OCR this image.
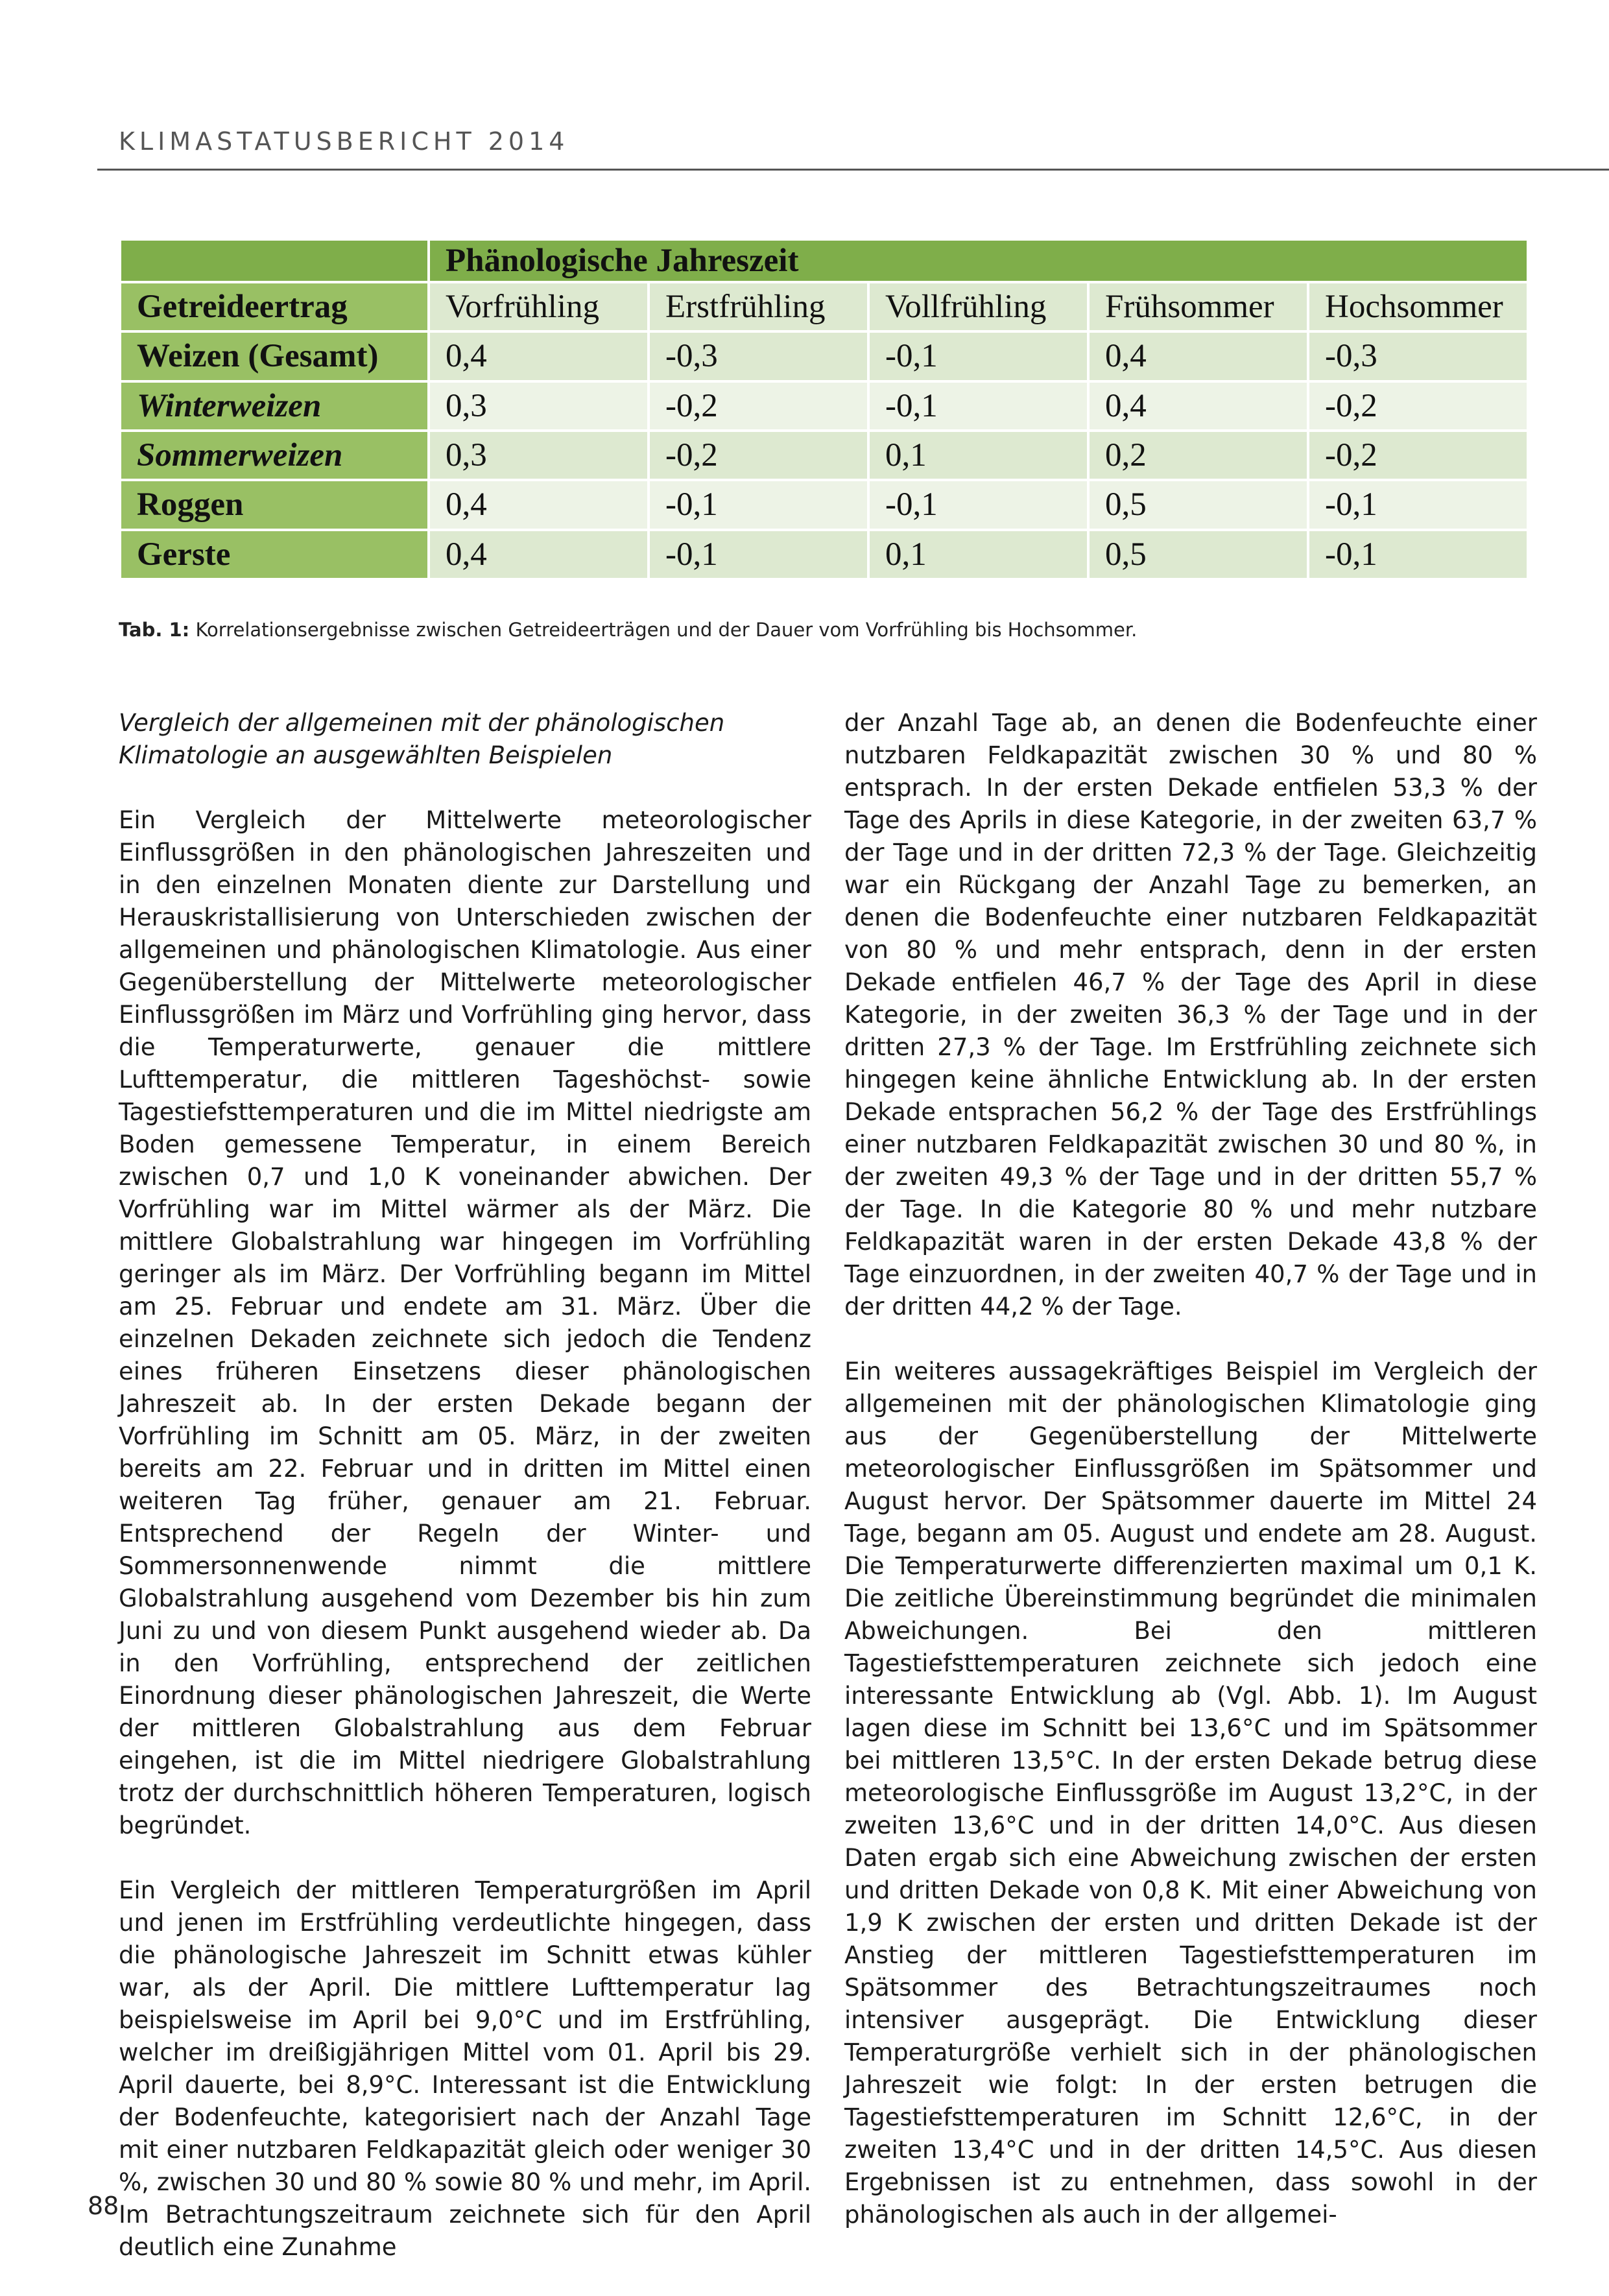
KLIMASTATUSBERICHT 2014
	Phänologische Jahreszeit				
Getreideertrag	Vorfrühling	Erstfrühling	Vollfrühling	Frühsommer	Hochsommer
Weizen (Gesamt)	0,4	-0,3	-0,1	0,4	-0,3
Winterweizen	0,3	-0,2	-0,1	0,4	-0,2
Sommerweizen	0,3	-0,2	0,1	0,2	-0,2
Roggen	0,4	-0,1	-0,1	0,5	-0,1
Gerste	0,4	-0,1	0,1	0,5	-0,1
Tab. 1: Korrelationsergebnisse zwischen Getreideerträgen und der Dauer vom Vorfrühling bis Hochsommer.

Vergleich der allgemeinen mit der phänologischen Klimatologie an ausgewählten Beispielen

Ein Vergleich der Mittelwerte meteorologischer Einflussgrößen in den phänologischen Jahreszeiten und in den einzelnen Monaten diente zur Darstellung und Herauskristallisierung von Unterschieden zwischen der allgemeinen und phänologischen Klimatologie. Aus einer Gegenüberstellung der Mittelwerte meteorologischer Einflussgrößen im März und Vorfrühling ging hervor, dass die Temperaturwerte, genauer die mittlere Lufttemperatur, die mittleren Tageshöchst- sowie Tagestiefsttemperaturen und die im Mittel niedrigste am Boden gemessene Temperatur, in einem Bereich zwischen 0,7 und 1,0 K voneinander abwichen. Der Vorfrühling war im Mittel wärmer als der März. Die mittlere Globalstrahlung war hingegen im Vorfrühling geringer als im März. Der Vorfrühling begann im Mittel am 25. Februar und endete am 31. März. Über die einzelnen Dekaden zeichnete sich jedoch die Tendenz eines früheren Einsetzens dieser phänologischen Jahreszeit ab. In der ersten Dekade begann der Vorfrühling im Schnitt am 05. März, in der zweiten bereits am 22. Februar und in dritten im Mittel einen weiteren Tag früher, genauer am 21. Februar. Entsprechend der Regeln der Winter- und Sommersonnenwende nimmt die mittlere Globalstrahlung ausgehend vom Dezember bis hin zum Juni zu und von diesem Punkt ausgehend wieder ab. Da in den Vorfrühling, entsprechend der zeitlichen Einordnung dieser phänologischen Jahreszeit, die Werte der mittleren Globalstrahlung aus dem Februar eingehen, ist die im Mittel niedrigere Globalstrahlung trotz der durchschnittlich höheren Temperaturen, logisch begründet.

Ein Vergleich der mittleren Temperaturgrößen im April und jenen im Erstfrühling verdeutlichte hingegen, dass die phänologische Jahreszeit im Schnitt etwas kühler war, als der April. Die mittlere Lufttemperatur lag beispielsweise im April bei 9,0°C und im Erstfrühling, welcher im dreißigjährigen Mittel vom 01. April bis 29. April dauerte, bei 8,9°C. Interessant ist die Entwicklung der Bodenfeuchte, kategorisiert nach der Anzahl Tage mit einer nutzbaren Feldkapazität gleich oder weniger 30 %, zwischen 30 und 80 % sowie 80 % und mehr, im April. Im Betrachtungszeitraum zeichnete sich für den April deutlich eine Zunahme

der Anzahl Tage ab, an denen die Bodenfeuchte einer nutzbaren Feldkapazität zwischen 30 % und 80 % entsprach. In der ersten Dekade entfielen 53,3 % der Tage des Aprils in diese Kategorie, in der zweiten 63,7 % der Tage und in der dritten 72,3 % der Tage. Gleichzeitig war ein Rückgang der Anzahl Tage zu bemerken, an denen die Bodenfeuchte einer nutzbaren Feldkapazität von 80 % und mehr entsprach, denn in der ersten Dekade entfielen 46,7 % der Tage des April in diese Kategorie, in der zweiten 36,3 % der Tage und in der dritten 27,3 % der Tage. Im Erstfrühling zeichnete sich hingegen keine ähnliche Entwicklung ab. In der ersten Dekade entsprachen 56,2 % der Tage des Erstfrühlings einer nutzbaren Feldkapazität zwischen 30 und 80 %, in der zweiten 49,3 % der Tage und in der dritten 55,7 % der Tage. In die Kategorie 80 % und mehr nutzbare Feldkapazität waren in der ersten Dekade 43,8 % der Tage einzuordnen, in der zweiten 40,7 % der Tage und in der dritten 44,2 % der Tage.

Ein weiteres aussagekräftiges Beispiel im Vergleich der allgemeinen mit der phänologischen Klimatologie ging aus der Gegenüberstellung der Mittelwerte meteorologischer Einflussgrößen im Spätsommer und August hervor. Der Spätsommer dauerte im Mittel 24 Tage, begann am 05. August und endete am 28. August. Die Temperaturwerte differenzierten maximal um 0,1 K. Die zeitliche Übereinstimmung begründet die minimalen Abweichungen. Bei den mittleren Tagestiefsttemperaturen zeichnete sich jedoch eine interessante Entwicklung ab (Vgl. Abb. 1). Im August lagen diese im Schnitt bei 13,6°C und im Spätsommer bei mittleren 13,5°C. In der ersten Dekade betrug diese meteorologische Einflussgröße im August 13,2°C, in der zweiten 13,6°C und in der dritten 14,0°C. Aus diesen Daten ergab sich eine Abweichung zwischen der ersten und dritten Dekade von 0,8 K. Mit einer Abweichung von 1,9 K zwischen der ersten und dritten Dekade ist der Anstieg der mittleren Tagestiefsttemperaturen im Spätsommer des Betrachtungszeitraumes noch intensiver ausgeprägt. Die Entwicklung dieser Temperaturgröße verhielt sich in der phänologischen Jahreszeit wie folgt: In der ersten betrugen die Tagestiefsttemperaturen im Schnitt 12,6°C, in der zweiten 13,4°C und in der dritten 14,5°C. Aus diesen Ergebnissen ist zu entnehmen, dass sowohl in der phänologischen als auch in der allgemei-

88
